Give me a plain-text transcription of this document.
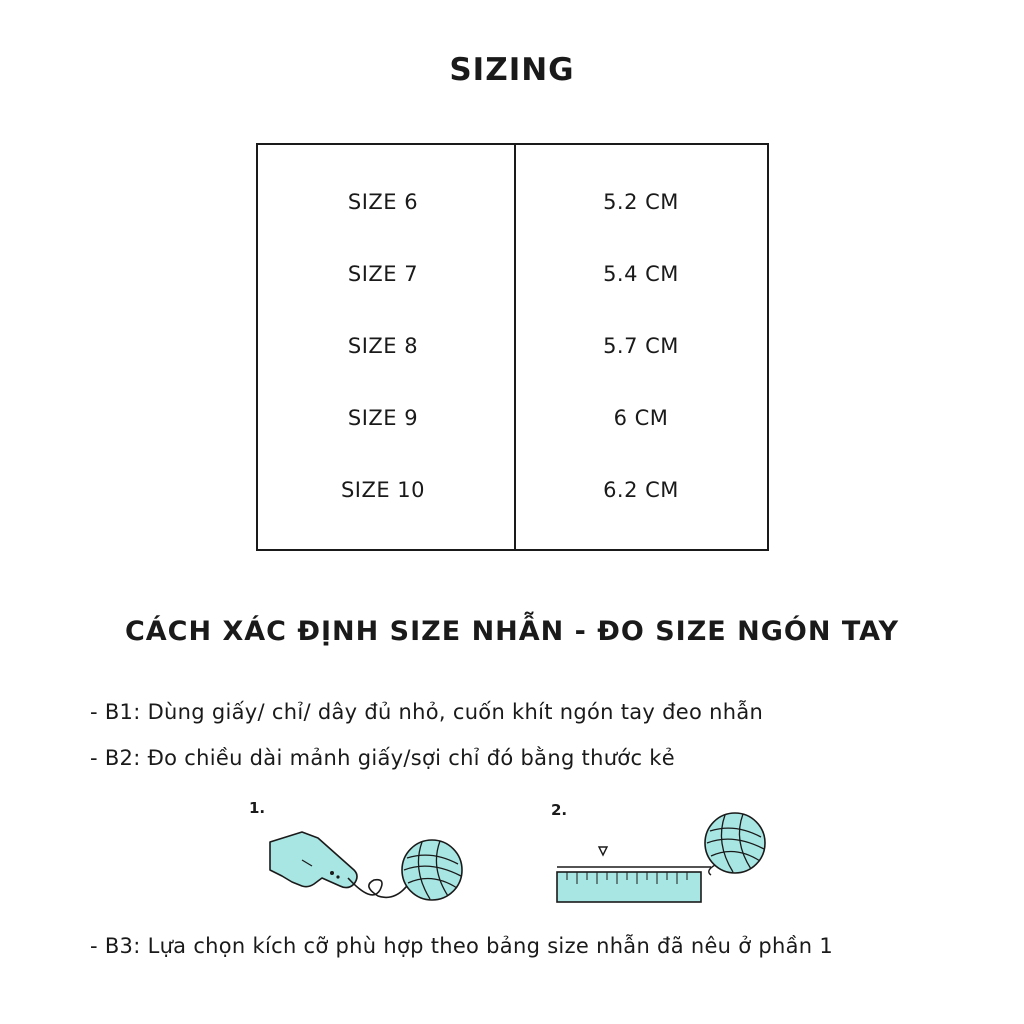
SIZING
SIZE 6	5.2 CM
SIZE 7	5.4 CM
SIZE 8	5.7 CM
SIZE 9	6 CM
SIZE 10	6.2 CM
CÁCH XÁC ĐỊNH SIZE NHẪN - ĐO SIZE NGÓN TAY
- B1: Dùng giấy/ chỉ/ dây đủ nhỏ, cuốn khít ngón tay đeo nhẫn
- B2: Đo chiều dài mảnh giấy/sợi chỉ đó bằng thước kẻ
1.	2.
- B3: Lựa chọn kích cỡ phù hợp theo bảng size nhẫn đã nêu ở phần 1
